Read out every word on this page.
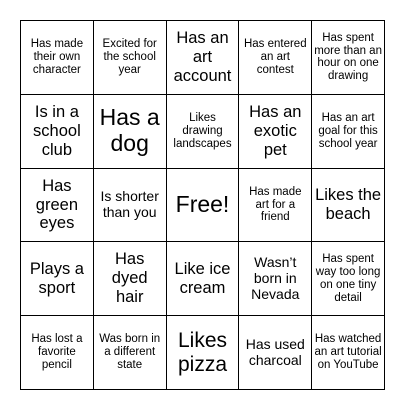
Has made their own character
Excited for the school year
Has an art account
Has entered an art contest
Has spent more than an hour on one drawing
Is in a school club
Has a dog
Likes drawing landscapes
Has an exotic pet
Has an art goal for this school year
Has green eyes
Is shorter than you Free!	Has made art for a friend
Likes the beach
Plays a sport
Has dyed hair
Like ice cream
Wasn’t born in Nevada
Has spent way too long on one tiny detail
Has lost a favorite pencil
Was born in a different state
Likes pizza
Has used charcoal
Has watched an art tutorial on YouTube
